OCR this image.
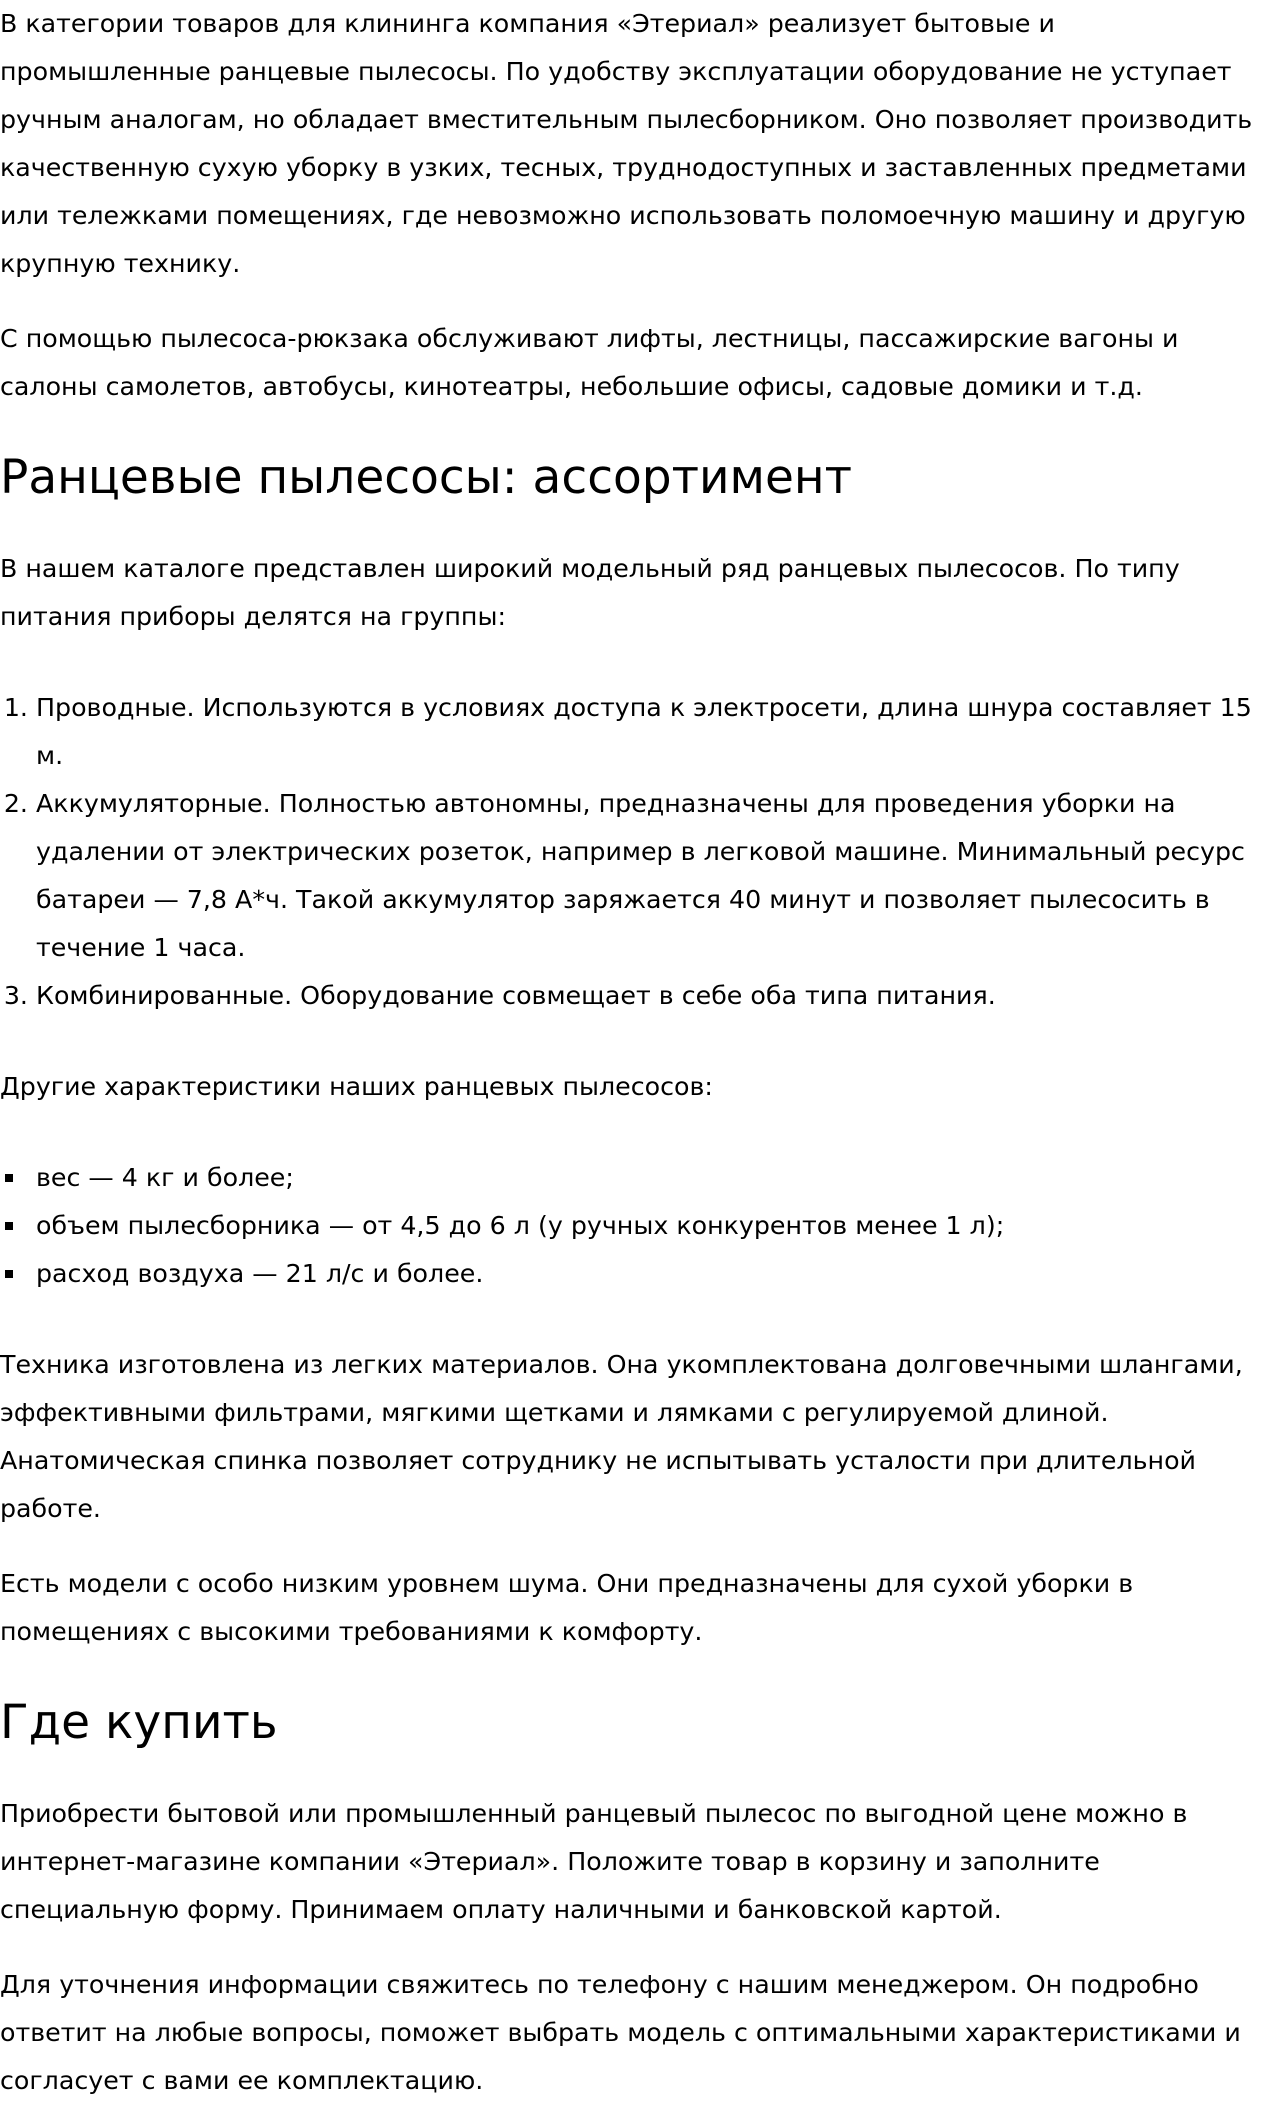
В категории товаров для клининга компания «Этериал» реализует бытовые и промышленные ранцевые пылесосы. По удобству эксплуатации оборудование не уступает ручным аналогам, но обладает вместительным пылесборником. Оно позволяет производить качественную сухую уборку в узких, тесных, труднодоступных и заставленных предметами или тележками помещениях, где невозможно использовать поломоечную машину и другую крупную технику.

С помощью пылесоса-рюкзака обслуживают лифты, лестницы, пассажирские вагоны и салоны самолетов, автобусы, кинотеатры, небольшие офисы, садовые домики и т.д.

Ранцевые пылесосы: ассортимент

В нашем каталоге представлен широкий модельный ряд ранцевых пылесосов. По типу питания приборы делятся на группы:

1. Проводные. Используются в условиях доступа к электросети, длина шнура составляет 15 м.
2. Аккумуляторные. Полностью автономны, предназначены для проведения уборки на удалении от электрических розеток, например в легковой машине. Минимальный ресурс батареи — 7,8 А*ч. Такой аккумулятор заряжается 40 минут и позволяет пылесосить в течение 1 часа.
3. Комбинированные. Оборудование совмещает в себе оба типа питания.

Другие характеристики наших ранцевых пылесосов:

вес — 4 кг и более;
объем пылесборника — от 4,5 до 6 л (у ручных конкурентов менее 1 л);
расход воздуха — 21 л/с и более.

Техника изготовлена из легких материалов. Она укомплектована долговечными шлангами, эффективными фильтрами, мягкими щетками и лямками с регулируемой длиной. Анатомическая спинка позволяет сотруднику не испытывать усталости при длительной работе.

Есть модели с особо низким уровнем шума. Они предназначены для сухой уборки в помещениях с высокими требованиями к комфорту.

Где купить

Приобрести бытовой или промышленный ранцевый пылесос по выгодной цене можно в интернет-магазине компании «Этериал». Положите товар в корзину и заполните специальную форму. Принимаем оплату наличными и банковской картой.

Для уточнения информации свяжитесь по телефону с нашим менеджером. Он подробно ответит на любые вопросы, поможет выбрать модель с оптимальными характеристиками и согласует с вами ее комплектацию.
